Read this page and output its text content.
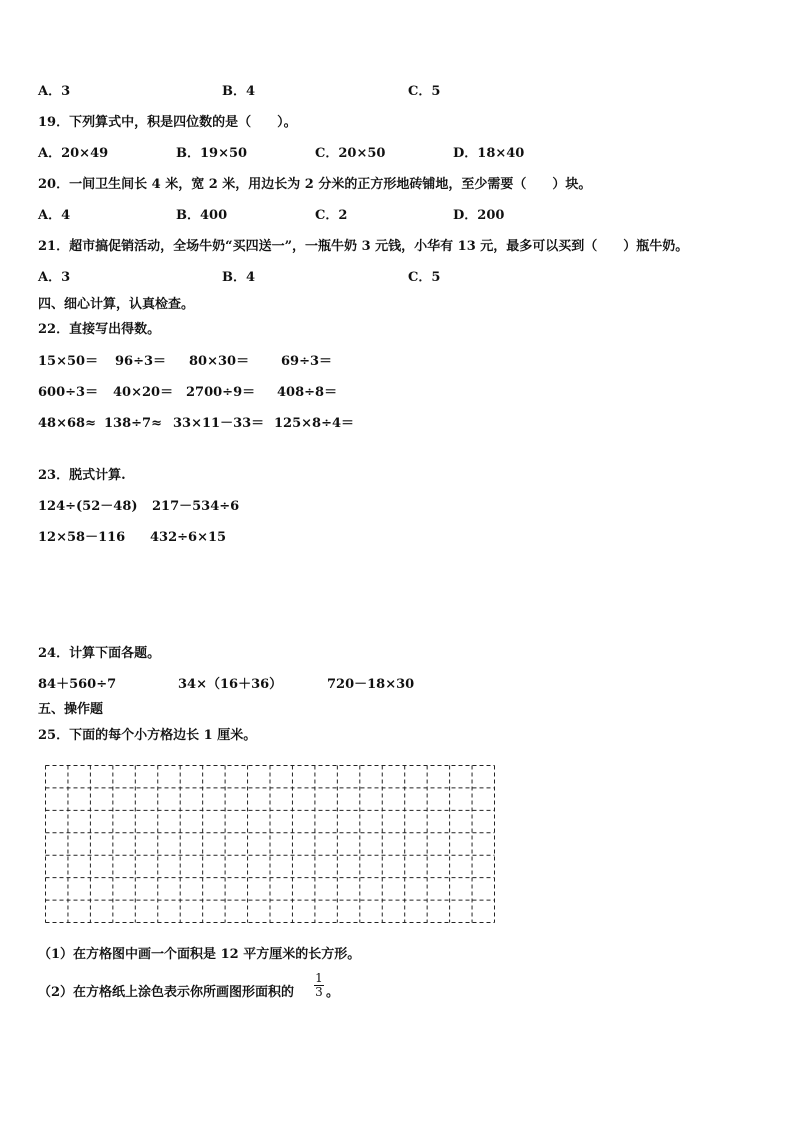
A．3	B．4	C．5
19．下列算式中，积是四位数的是（　　）。
A．20×49	B．19×50	C．20×50	D．18×40
20．一间卫生间长 4 米，宽 2 米，用边长为 2 分米的正方形地砖铺地，至少需要（　　）块。
A．4	B．400	C．2	D．200
21．超市搞促销活动，全场牛奶“买四送一”，一瓶牛奶 3 元钱，小华有 13 元，最多可以买到（　　）瓶牛奶。
A．3	B．4	C．5
四、细心计算，认真检查。
22．直接写出得数。
15×50＝ 96÷3＝ 80×30＝ 69÷3＝
600÷3＝ 40×20＝ 2700÷9＝ 408÷8＝
48×68≈ 138÷7≈ 33×11－33＝ 125×8÷4＝
23．脱式计算.
124÷(52－48) 217－534÷6
12×58－116 432÷6×15
24．计算下面各题。
84＋560÷7	34×（16＋36）	720－18×30
五、操作题
25．下面的每个小方格边长 1 厘米。
（1）在方格图中画一个面积是 12 平方厘米的长方形。
（2）在方格纸上涂色表示你所画图形面积的
1
3 。
